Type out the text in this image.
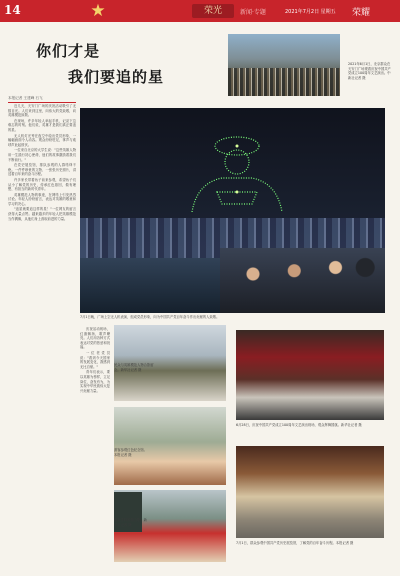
14	★	荣光	新闻·专题	2021年7月2日 星期五 荣耀
你们才是
我们要追的星
2021年6月1日，北京群众在天安门广场观看庆祝中国共产党成立100周年文艺演出。中新社记者 摄
本报记者 王建峰 石飞

近几天，天安门广场的庆祝活动吸引了无数目光。人们来到这里，向伟大的党致敬，向英雄模范致敬。

在现场，许多年轻人举起手机，记录下这难忘的时刻。他们说，英雄才是我们真正要追的星。

无人机灯光秀在夜空中绘出党员形象，一幅幅画面令人动容。观众纷纷驻足，掌声与欢呼声此起彼伏。

一位来自北京的大学生说："这些英雄人物用一生践行初心使命，他们的故事激励着我们不断前行。"

在党史展览馆，排队参观的人群络绎不绝。一件件珍贵的文物、一张张历史照片，讲述着百年来的奋斗历程。

许多家长带着孩子前来参观，希望孩子们从小了解党的历史，传承红色基因，做有理想、有担当的新时代青年。

英雄模范人物的事迹，在网络上引发热烈讨论。年轻人纷纷留言，表达对英雄的敬意和学习的决心。

"追星就要追这样的星！"一位网友的留言获得大量点赞。越来越多的年轻人把英雄模范当作偶像，从他们身上汲取前进的力量。

庆祝活动现场，红旗飘扬，歌声嘹亮。人们用各种方式表达对党的热爱和祝福。

一位老党员说："看到今天国家的发展变化，我感到无比自豪。"

青年们表示，要以英雄为榜样，立足岗位，奋发有为，为实现中华民族伟大复兴贡献力量。

7月1日晚，广场上空无人机表演，组成党员形象，向为中国共产党百年奋斗作出贡献的人致敬。
民众与英雄模范人物合影留念。新华社记者 摄
6月28日，庆祝中国共产党成立100周年文艺演出现场，观众挥舞国旗。新华社记者 摄
游客参观红色纪念馆。本报记者 摄
7月1日，群众参观中国共产党历史展览馆，了解党的百年奋斗历程。本报记者 摄
群众手持国旗合影。新华社记者 摄
